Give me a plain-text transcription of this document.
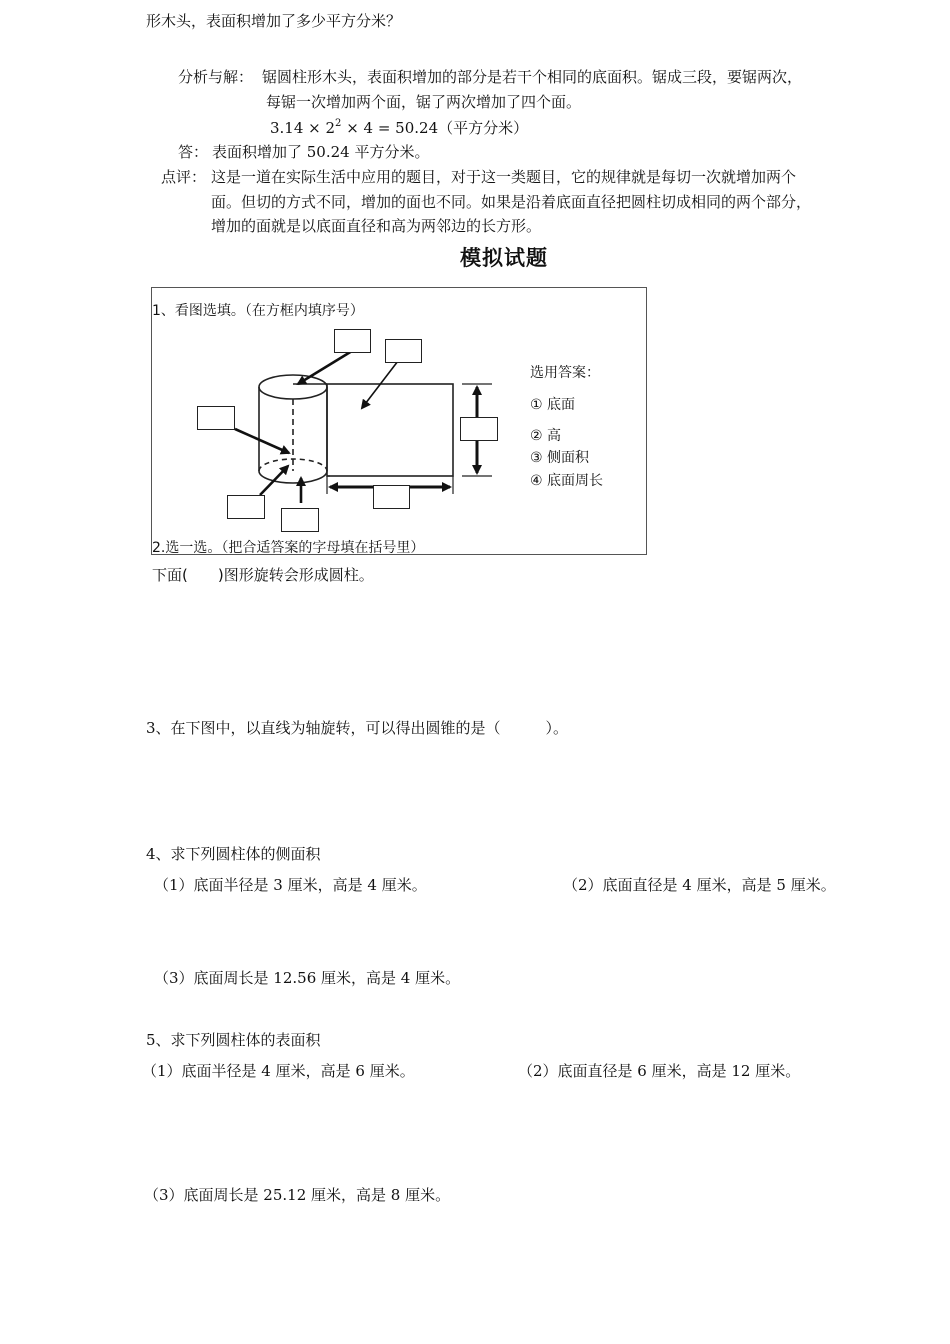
形木头，表面积增加了多少平方分米？
分析与解： 锯圆柱形木头，表面积增加的部分是若干个相同的底面积。锯成三段，要锯两次，
每锯一次增加两个面，锯了两次增加了四个面。
$3.14 \times 2^2 \times 4 = 50.24$（平方分米）
答： 表面积增加了 50.24 平方分米。
点评： 这是一道在实际生活中应用的题目，对于这一类题目，它的规律就是每切一次就增加两个
面。但切的方式不同，增加的面也不同。如果是沿着底面直径把圆柱切成相同的两个部分，
增加的面就是以底面直径和高为两邻边的长方形。
模拟试题
1、看图选填。（在方框内填序号）
选用答案：
① 底面
② 高
③ 侧面积
④ 底面周长
2.选一选。（把合适答案的字母填在括号里）
下面(　　)图形旋转会形成圆柱。
3、在下图中，以直线为轴旋转，可以得出圆锥的是（　　　）。
4、求下列圆柱体的侧面积
（1）底面半径是 3 厘米，高是 4 厘米。	（2）底面直径是 4 厘米，高是 5 厘米。
（3）底面周长是 12.56 厘米，高是 4 厘米。
5、求下列圆柱体的表面积
（1）底面半径是 4 厘米，高是 6 厘米。	（2）底面直径是 6 厘米，高是 12 厘米。
（3）底面周长是 25.12 厘米，高是 8 厘米。
